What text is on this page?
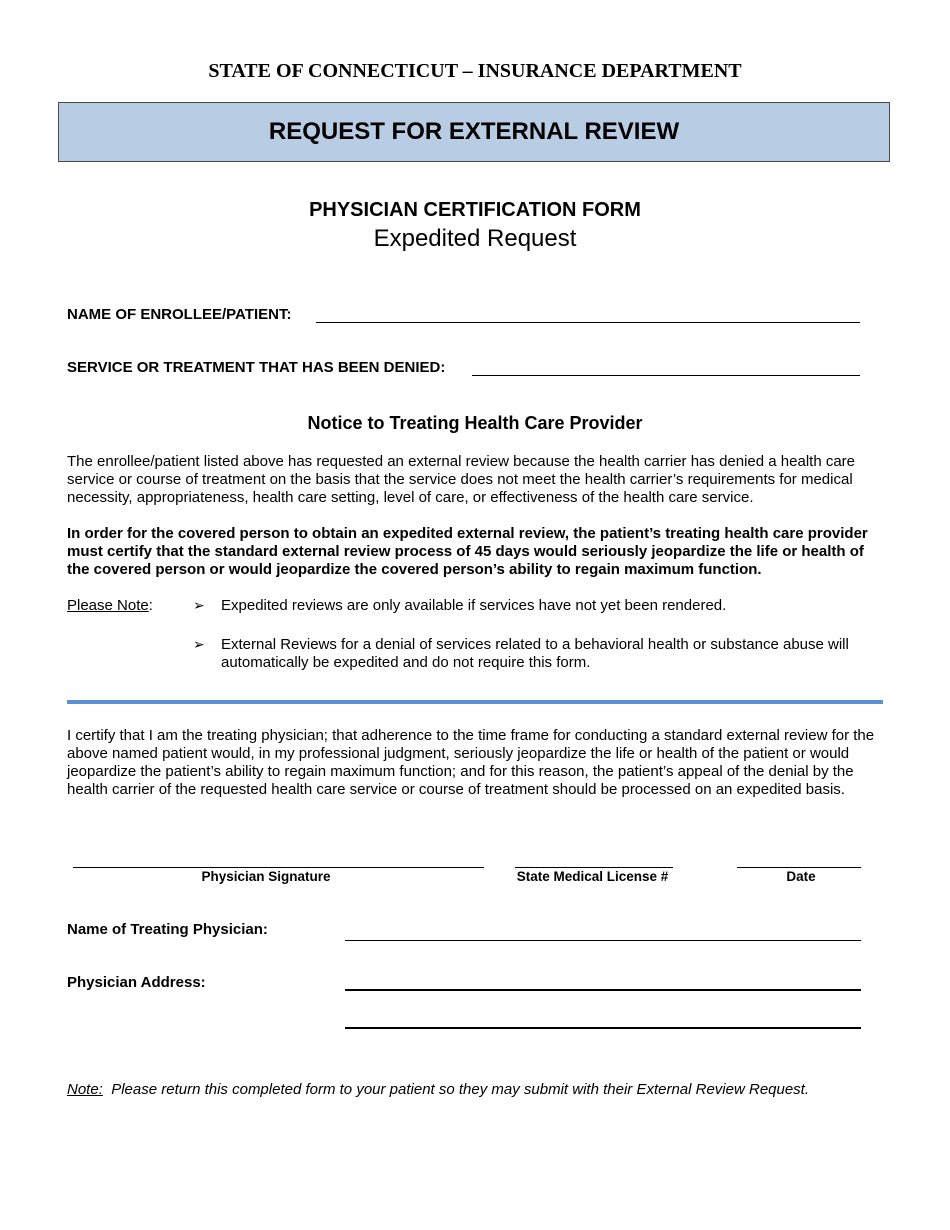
STATE OF CONNECTICUT – INSURANCE DEPARTMENT
REQUEST FOR EXTERNAL REVIEW
PHYSICIAN CERTIFICATION FORM
Expedited Request
NAME OF ENROLLEE/PATIENT:
SERVICE OR TREATMENT THAT HAS BEEN DENIED:
Notice to Treating Health Care Provider
The enrollee/patient listed above has requested an external review because the health carrier has denied a health care service or course of treatment on the basis that the service does not meet the health carrier’s requirements for medical necessity, appropriateness, health care setting, level of care, or effectiveness of the health care service.
In order for the covered person to obtain an expedited external review, the patient’s treating health care provider must certify that the standard external review process of 45 days would seriously jeopardize the life or health of the covered person or would jeopardize the covered person’s ability to regain maximum function.
Please Note:	➢ Expedited reviews are only available if services have not yet been rendered.
➢ External Reviews for a denial of services related to a behavioral health or substance abuse will automatically be expedited and do not require this form.
I certify that I am the treating physician; that adherence to the time frame for conducting a standard external review for the above named patient would, in my professional judgment, seriously jeopardize the life or health of the patient or would jeopardize the patient’s ability to regain maximum function; and for this reason, the patient’s appeal of the denial by the health carrier of the requested health care service or course of treatment should be processed on an expedited basis.
Physician Signature	State Medical License #	Date
Name of Treating Physician:
Physician Address:
Note: Please return this completed form to your patient so they may submit with their External Review Request.
